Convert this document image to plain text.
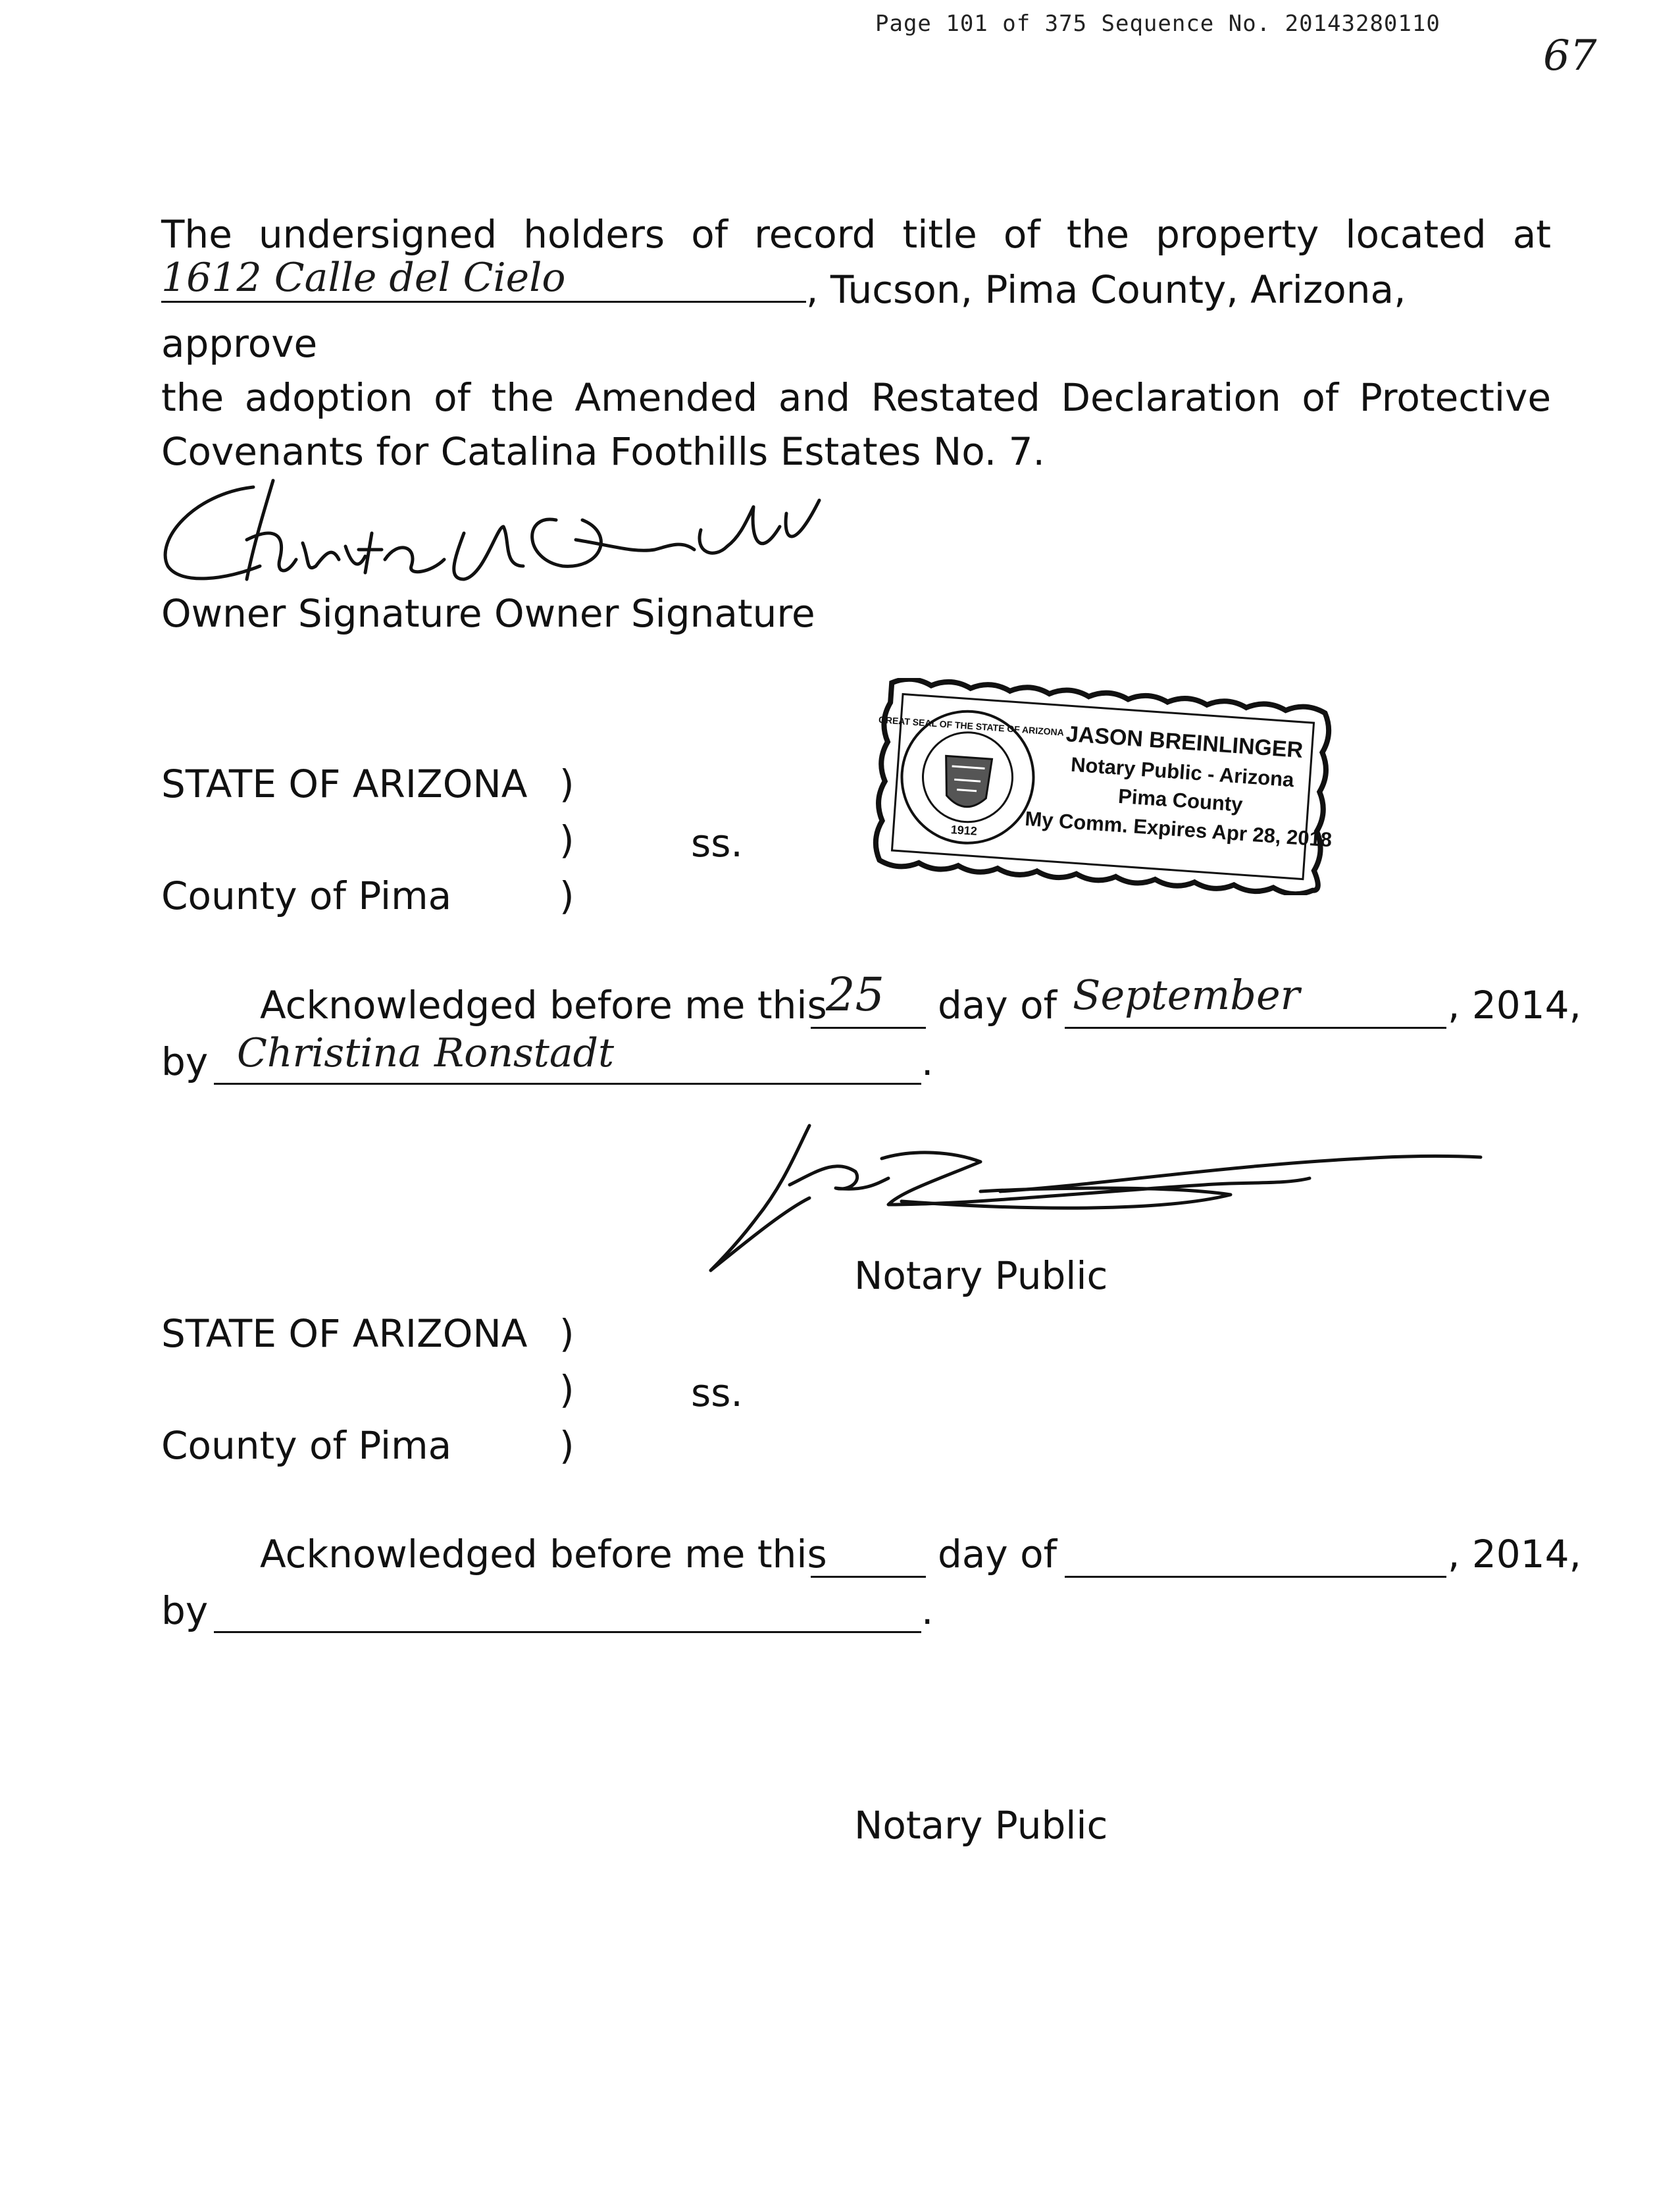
Page 101 of 375 Sequence No. 20143280110
67
The undersigned holders of record title of the property located at
1612 Calle del Cielo	, Tucson, Pima County, Arizona, approve
the adoption of the Amended and Restated Declaration of Protective
Covenants for Catalina Foothills Estates No. 7.
Owner Signature Owner Signature
GREAT SEAL OF THE STATE OF ARIZONA
1912
JASON BREINLINGER
Notary Public - Arizona
Pima County
My Comm. Expires Apr 28, 2018
STATE OF ARIZONA )
)	ss.
County of Pima	)
Acknowledged before me this
25 day of September	, 2014,
by Christina Ronstadt	.
Notary Public
STATE OF ARIZONA )
)	ss.
County of Pima	)
Acknowledged before me this	day of	, 2014,
by	.
Notary Public
